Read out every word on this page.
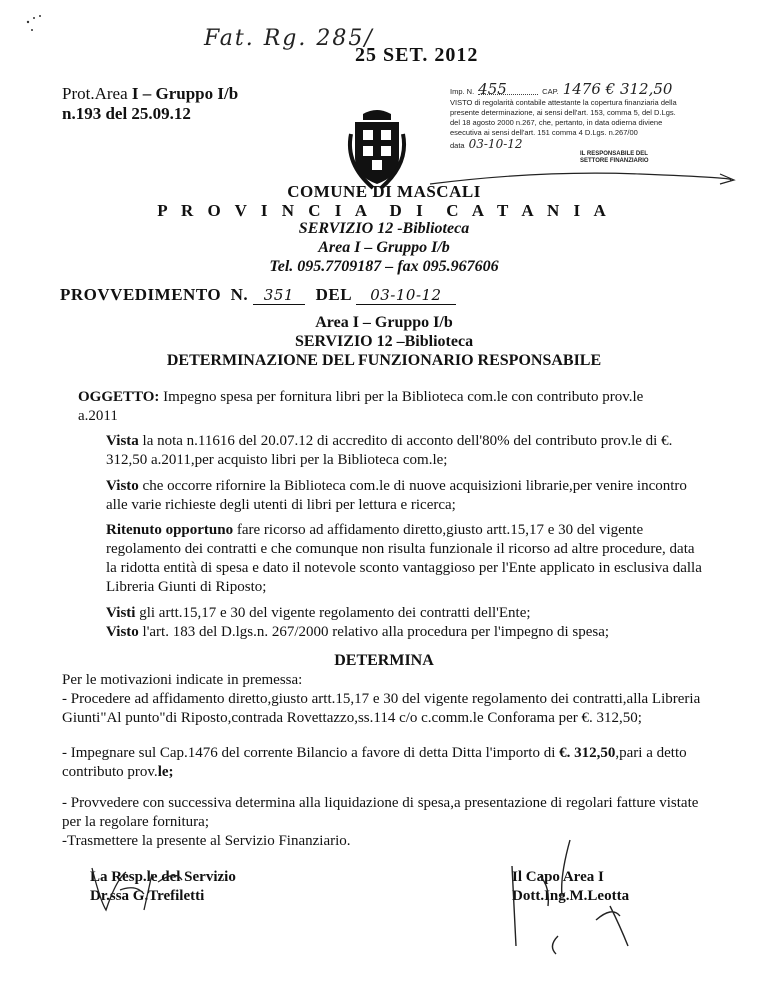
Fat. Rg. 285/
25 SET. 2012
Prot.Area I – Gruppo I/b
n.193 del 25.09.12
Imp. N. 455	CAP. 1476 € 312,50
VISTO di regolarità contabile attestante la copertura finanziaria della presente determinazione, ai sensi dell'art. 153, comma 5, del D.Lgs. del 18 agosto 2000 n.267, che, pertanto, in data odierna diviene esecutiva ai sensi dell'art. 151 comma 4 D.Lgs. n.267/00
data 03-10-12
IL RESPONSABILE DEL SETTORE FINANZIARIO
COMUNE DI MASCALI
P R O V I N C I A  D I  C A T A N I A
SERVIZIO 12 -Biblioteca
Area I – Gruppo I/b
Tel. 095.7709187 – fax 095.967606
PROVVEDIMENTO  N. 351 DEL 03-10-12
Area I – Gruppo I/b
SERVIZIO 12 –Biblioteca
DETERMINAZIONE DEL FUNZIONARIO RESPONSABILE
OGGETTO: Impegno spesa per fornitura libri per la Biblioteca com.le con contributo prov.le a.2011
Vista la nota n.11616 del 20.07.12 di accredito di acconto dell'80% del contributo prov.le di €. 312,50 a.2011,per acquisto libri per la Biblioteca com.le;
Visto che occorre rifornire la Biblioteca com.le di nuove acquisizioni librarie,per venire incontro alle varie richieste degli utenti di libri per lettura e ricerca;
Ritenuto opportuno fare ricorso ad affidamento diretto,giusto artt.15,17 e 30 del vigente regolamento dei contratti e che comunque non risulta funzionale il ricorso ad altre procedure, data la ridotta entità di spesa e dato il notevole sconto vantaggioso per l'Ente applicato in esclusiva dalla Libreria Giunti di Riposto;
Visti gli artt.15,17 e 30 del vigente regolamento dei contratti dell'Ente;
Visto l'art. 183 del D.lgs.n. 267/2000 relativo alla procedura per l'impegno di spesa;
DETERMINA
Per le motivazioni indicate in premessa:
- Procedere ad affidamento diretto,giusto artt.15,17 e 30 del vigente regolamento dei contratti,alla Libreria Giunti"Al punto"di Riposto,contrada Rovettazzo,ss.114 c/o c.comm.le Conforama per €. 312,50;
- Impegnare sul Cap.1476 del corrente Bilancio a favore di detta Ditta l'importo di €. 312,50,pari a detto contributo prov.le;
- Provvedere con successiva determina alla liquidazione di spesa,a presentazione di regolari fatture vistate per la regolare fornitura;
-Trasmettere la presente al Servizio Finanziario.
La Resp.le del Servizio
Dr.ssa G.Trefiletti
Il Capo Area I
Dott.Ing.M.Leotta
